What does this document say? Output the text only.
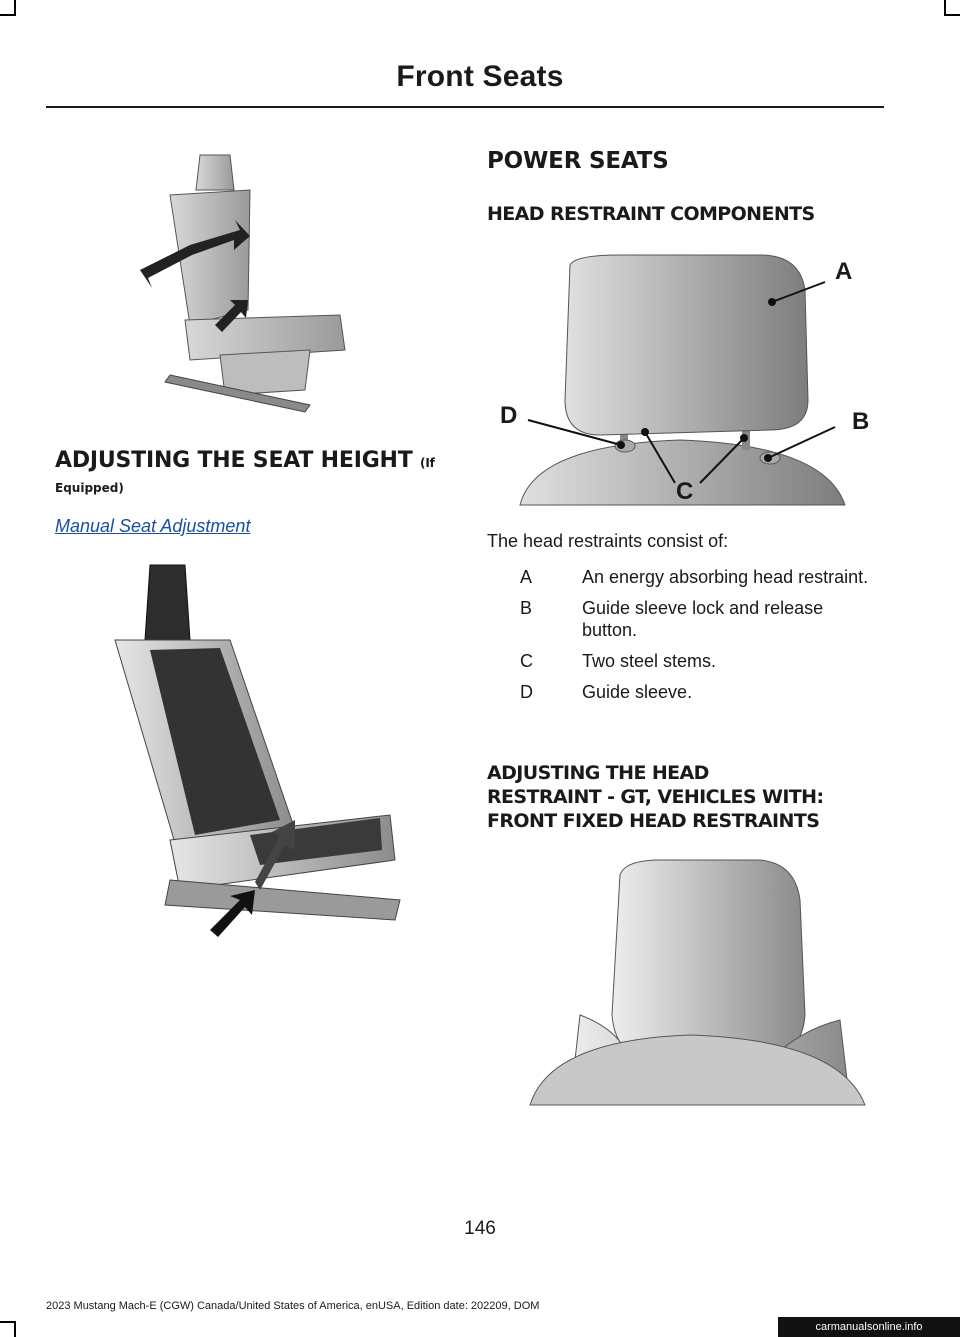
Front Seats
ADJUSTING THE SEAT HEIGHT (If
Equipped)
Manual Seat Adjustment
POWER SEATS
HEAD RESTRAINT COMPONENTS
A
B
C
D
The head restraints consist of:
A	An energy absorbing head restraint.
B	Guide sleeve lock and release button.
C	Two steel stems.
D	Guide sleeve.
ADJUSTING THE HEAD
RESTRAINT - GT, VEHICLES WITH:
FRONT FIXED HEAD RESTRAINTS
146
2023 Mustang Mach-E (CGW) Canada/United States of America, enUSA, Edition date: 202209, DOM
carmanualsonline.info
